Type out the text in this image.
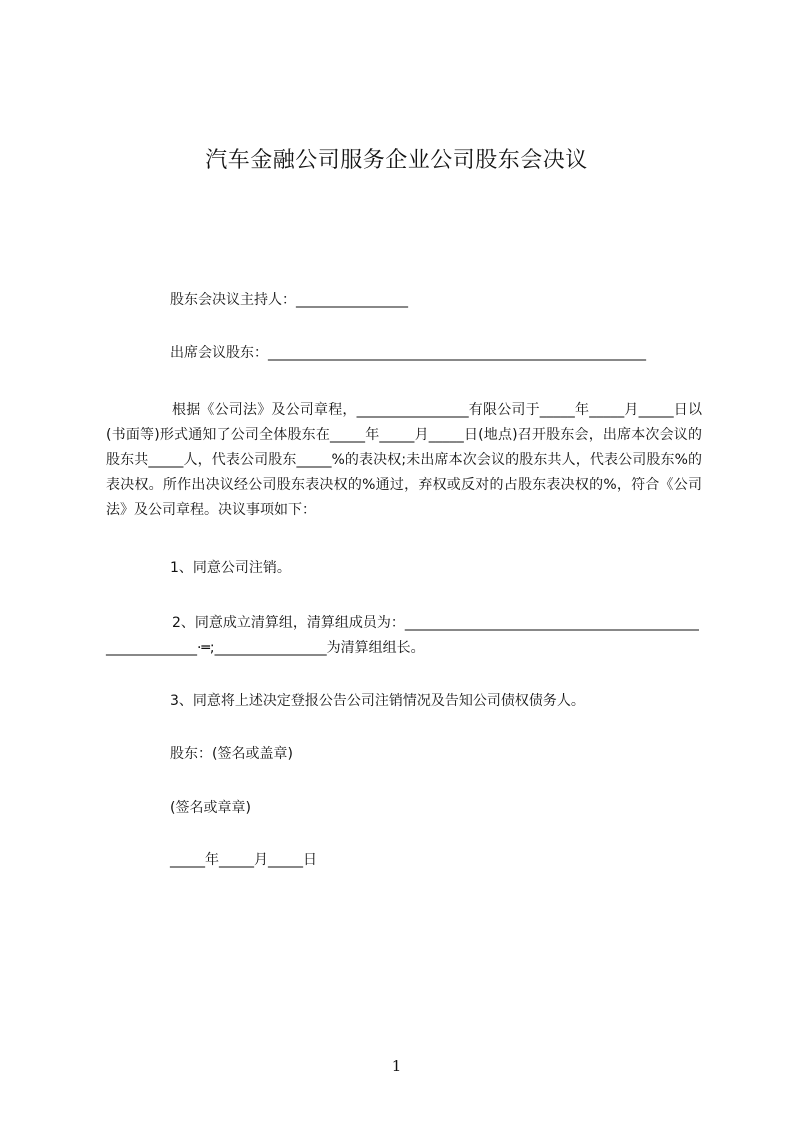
汽车金融公司服务企业公司股东会决议
股东会决议主持人：________________
出席会议股东：______________________________________________________
根据《公司法》及公司章程，________________有限公司于_____年_____月_____日以(书面等)形式通知了公司全体股东在_____年_____月_____日(地点)召开股东会，出席本次会议的股东共_____人，代表公司股东_____%的表决权;未出席本次会议的股东共人，代表公司股东%的表决权。所作出决议经公司股东表决权的%通过，弃权或反对的占股东表决权的%，符合《公司法》及公司章程。决议事项如下：
1、同意公司注销。
2、同意成立清算组，清算组成员为：_______________________________________________________·═;________________为清算组组长。
3、同意将上述决定登报公告公司注销情况及告知公司债权债务人。
股东：(签名或盖章)
(签名或章章)
_____年_____月_____日
1
